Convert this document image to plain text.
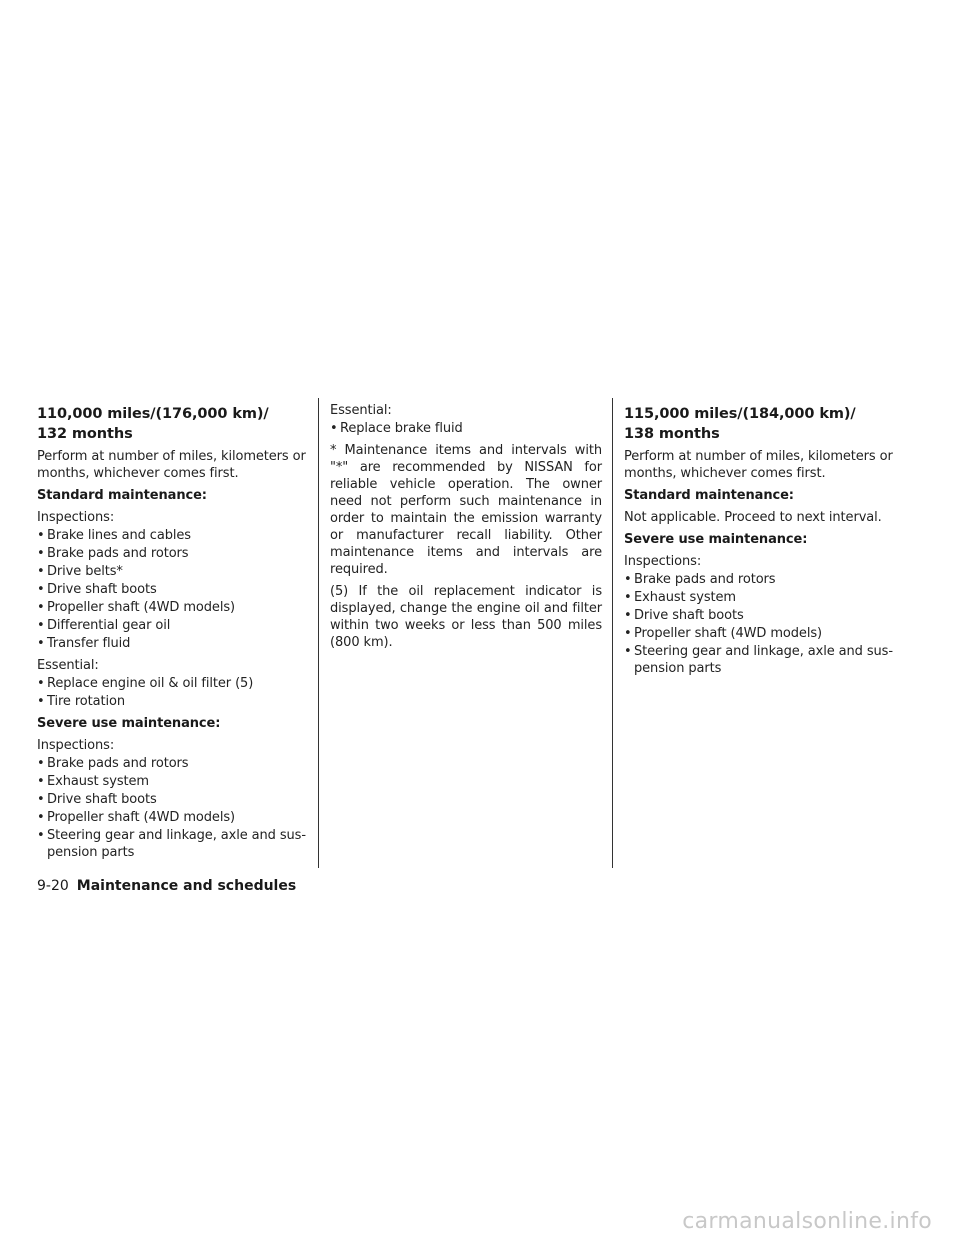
110,000 miles/(176,000 km)/
132 months

Perform at number of miles, kilometers or months, whichever comes first.

Standard maintenance:

Inspections:

• Brake lines and cables
• Brake pads and rotors
• Drive belts*
• Drive shaft boots
• Propeller shaft (4WD models)
• Differential gear oil
• Transfer fluid

Essential:

• Replace engine oil & oil filter (5)
• Tire rotation

Severe use maintenance:

Inspections:

• Brake pads and rotors
• Exhaust system
• Drive shaft boots
• Propeller shaft (4WD models)
• Steering gear and linkage, axle and sus-pension parts

Essential:

• Replace brake fluid

* Maintenance items and intervals with "*" are recommended by NISSAN for reliable vehicle operation. The owner need not perform such maintenance in order to maintain the emission warranty or manufacturer recall liability. Other maintenance items and intervals are required.

(5) If the oil replacement indicator is displayed, change the engine oil and filter within two weeks or less than 500 miles (800 km).

115,000 miles/(184,000 km)/
138 months

Perform at number of miles, kilometers or months, whichever comes first.

Standard maintenance:

Not applicable. Proceed to next interval.

Severe use maintenance:

Inspections:

• Brake pads and rotors
• Exhaust system
• Drive shaft boots
• Propeller shaft (4WD models)
• Steering gear and linkage, axle and sus-pension parts
9-20 Maintenance and schedules
carmanualsonline.info
